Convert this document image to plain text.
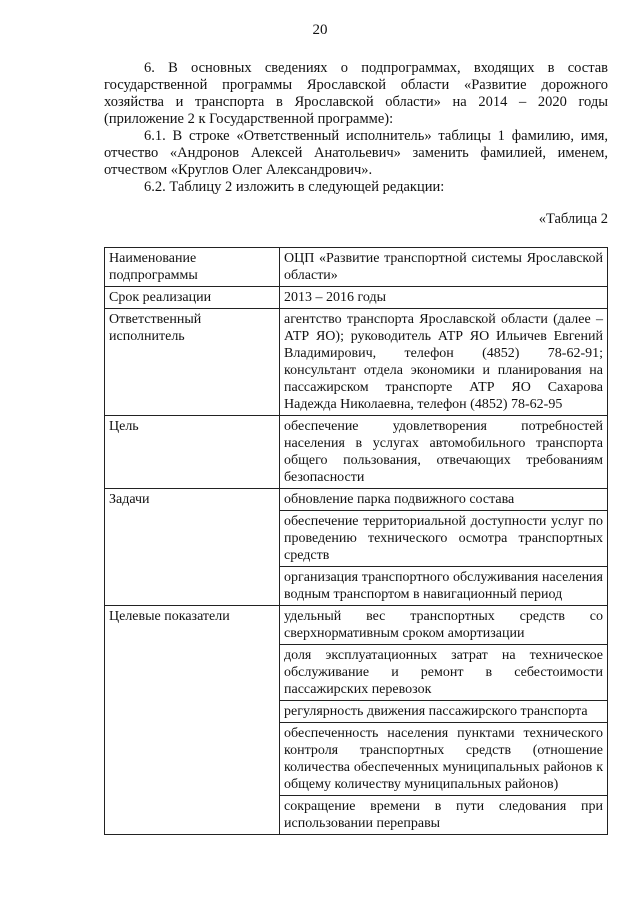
20

6. В основных сведениях о подпрограммах, входящих в состав государственной программы Ярославской области «Развитие дорожного хозяйства и транспорта в Ярославской области» на 2014 – 2020 годы (приложение 2 к Государственной программе):

6.1. В строке «Ответственный исполнитель» таблицы 1 фамилию, имя, отчество «Андронов Алексей Анатольевич» заменить фамилией, именем, отчеством «Круглов Олег Александрович».

6.2. Таблицу 2 изложить в следующей редакции:

«Таблица 2
Наименование подпрограммы	ОЦП «Развитие транспортной системы Ярославской области»
Срок реализации	2013 – 2016 годы
Ответственный исполнитель	агентство транспорта Ярославской области (далее – АТР ЯО); руководитель АТР ЯО Ильичев Евгений Владимирович, телефон (4852) 78-62-91; консультант отдела экономики и планирования на пассажирском транспорте АТР ЯО Сахарова Надежда Николаевна, телефон (4852) 78-62-95
Цель	обеспечение удовлетворения потребностей населения в услугах автомобильного транспорта общего пользования, отвечающих требованиям безопасности
Задачи	обновление парка подвижного состава
	обеспечение территориальной доступности услуг по проведению технического осмотра транспортных средств
	организация транспортного обслуживания населения водным транспортом в навигационный период
Целевые показатели	удельный вес транспортных средств со сверхнормативным сроком амортизации
	доля эксплуатационных затрат на техническое обслуживание и ремонт в себестоимости пассажирских перевозок
	регулярность движения пассажирского транспорта
	обеспеченность населения пунктами технического контроля транспортных средств (отношение количества обеспеченных муниципальных районов к общему количеству муниципальных районов)
	сокращение времени в пути следования при использовании переправы
